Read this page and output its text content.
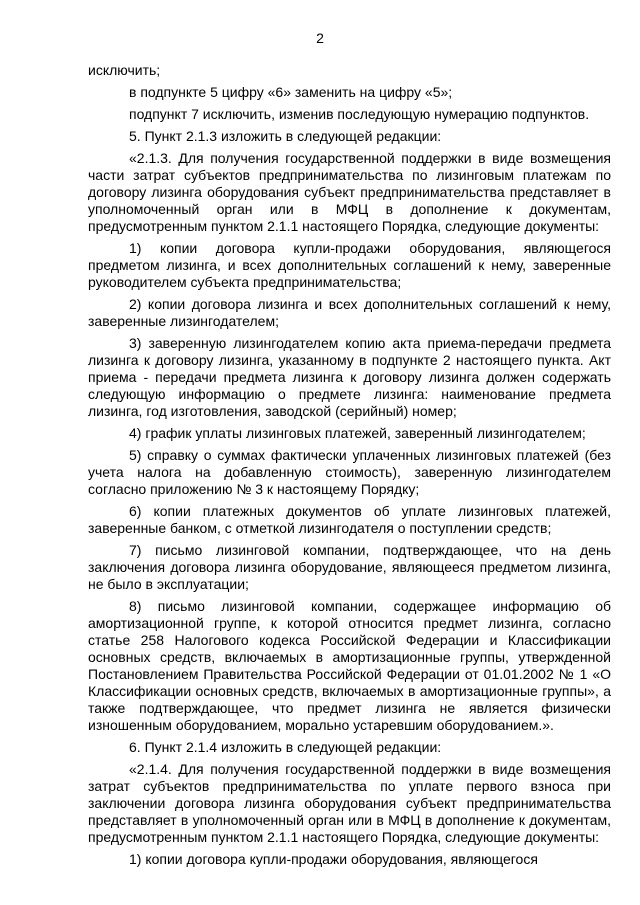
2

исключить;

в подпункте 5 цифру «6» заменить на цифру «5»;

подпункт 7 исключить, изменив последующую нумерацию подпунктов.

5. Пункт 2.1.3 изложить в следующей редакции:

«2.1.3. Для получения государственной поддержки в виде возмещения части затрат субъектов предпринимательства по лизинговым платежам по договору лизинга оборудования субъект предпринимательства представляет в уполномоченный орган или в МФЦ в дополнение к документам, предусмотренным пунктом 2.1.1 настоящего Порядка, следующие документы:

1) копии договора купли-продажи оборудования, являющегося предметом лизинга, и всех дополнительных соглашений к нему, заверенные руководителем субъекта предпринимательства;

2) копии договора лизинга и всех дополнительных соглашений к нему, заверенные лизингодателем;

3) заверенную лизингодателем копию акта приема-передачи предмета лизинга к договору лизинга, указанному в подпункте 2 настоящего пункта. Акт приема - передачи предмета лизинга к договору лизинга должен содержать следующую информацию о предмете лизинга: наименование предмета лизинга, год изготовления, заводской (серийный) номер;

4) график уплаты лизинговых платежей, заверенный лизингодателем;

5) справку о суммах фактически уплаченных лизинговых платежей (без учета налога на добавленную стоимость), заверенную лизингодателем согласно приложению № 3 к настоящему Порядку;

6) копии платежных документов об уплате лизинговых платежей, заверенные банком, с отметкой лизингодателя о поступлении средств;

7) письмо лизинговой компании, подтверждающее, что на день заключения договора лизинга оборудование, являющееся предметом лизинга, не было в эксплуатации;

8) письмо лизинговой компании, содержащее информацию об амортизационной группе, к которой относится предмет лизинга, согласно статье 258 Налогового кодекса Российской Федерации и Классификации основных средств, включаемых в амортизационные группы, утвержденной Постановлением Правительства Российской Федерации от 01.01.2002 № 1 «О Классификации основных средств, включаемых в амортизационные группы», а также подтверждающее, что предмет лизинга не является физически изношенным оборудованием, морально устаревшим оборудованием.».

6. Пункт 2.1.4 изложить в следующей редакции:

«2.1.4. Для получения государственной поддержки в виде возмещения затрат субъектов предпринимательства по уплате первого взноса при заключении договора лизинга оборудования субъект предпринимательства представляет в уполномоченный орган или в МФЦ в дополнение к документам, предусмотренным пунктом 2.1.1 настоящего Порядка, следующие документы:

1) копии договора купли-продажи оборудования, являющегося
